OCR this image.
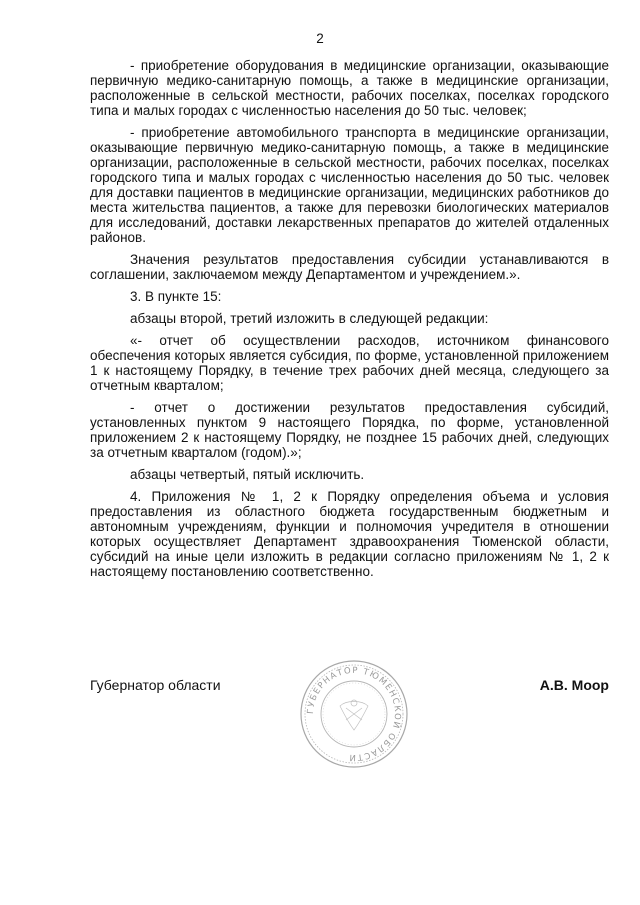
2

- приобретение оборудования в медицинские организации, оказывающие первичную медико-санитарную помощь, а также в медицинские организации, расположенные в сельской местности, рабочих поселках, поселках городского типа и малых городах с численностью населения до 50 тыс. человек;

- приобретение автомобильного транспорта в медицинские организации, оказывающие первичную медико-санитарную помощь, а также в медицинские организации, расположенные в сельской местности, рабочих поселках, поселках городского типа и малых городах с численностью населения до 50 тыс. человек для доставки пациентов в медицинские организации, медицинских работников до места жительства пациентов, а также для перевозки биологических материалов для исследований, доставки лекарственных препаратов до жителей отдаленных районов.

Значения результатов предоставления субсидии устанавливаются в соглашении, заключаемом между Департаментом и учреждением.».

3. В пункте 15:

абзацы второй, третий изложить в следующей редакции:

«- отчет об осуществлении расходов, источником финансового обеспечения которых является субсидия, по форме, установленной приложением 1 к настоящему Порядку, в течение трех рабочих дней месяца, следующего за отчетным кварталом;

- отчет о достижении результатов предоставления субсидий, установленных пунктом 9 настоящего Порядка, по форме, установленной приложением 2 к настоящему Порядку, не позднее 15 рабочих дней, следующих за отчетным кварталом (годом).»;

абзацы четвертый, пятый исключить.

4. Приложения № 1, 2 к Порядку определения объема и условия предоставления из областного бюджета государственным бюджетным и автономным учреждениям, функции и полномочия учредителя в отношении которых осуществляет Департамент здравоохранения Тюменской области, субсидий на иные цели изложить в редакции согласно приложениям № 1, 2 к настоящему постановлению соответственно.

Губернатор области
ГУБЕРНАТОР ТЮМЕНСКОЙ ОБЛАСТИ
А.В. Моор
